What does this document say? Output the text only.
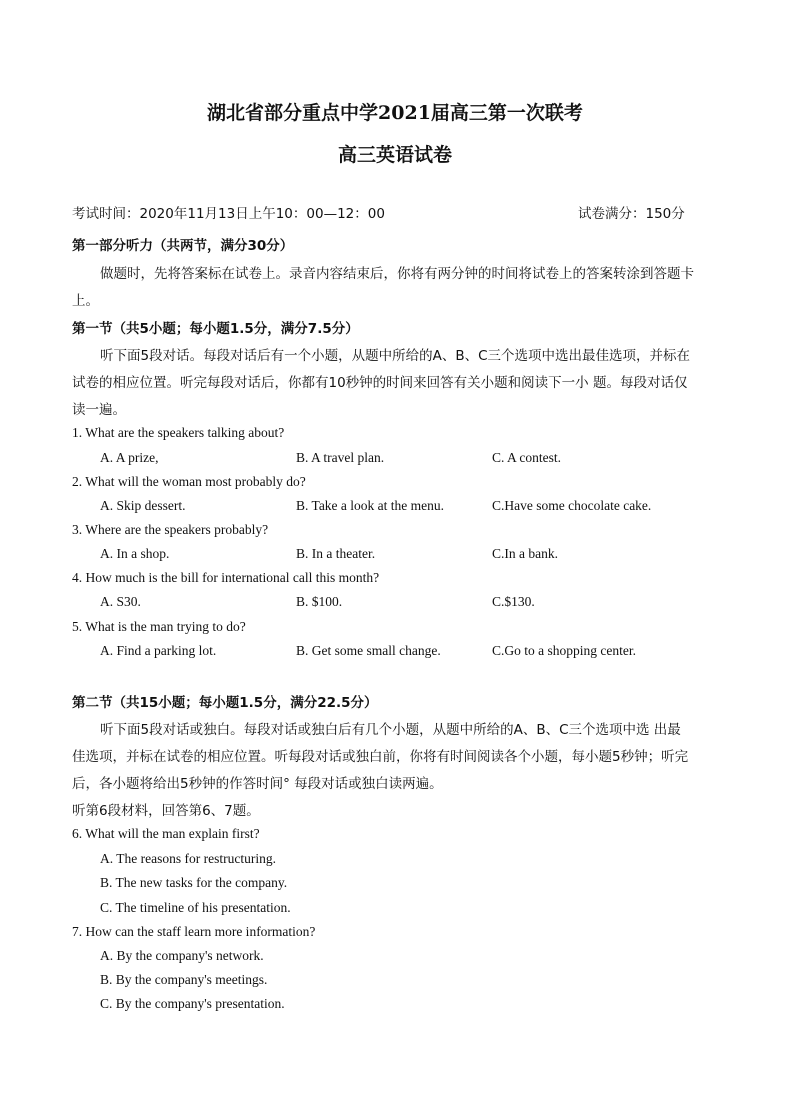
湖北省部分重点中学2021届高三第一次联考
高三英语试卷
考试时间：2020年11月13日上午10：00—12：00	试卷满分：150分
第一部分听力（共两节，满分30分）
做题时，先将答案标在试卷上。录音内容结束后，你将有两分钟的时间将试卷上的答案转涂到答题卡
上。
第一节（共5小题；每小题1.5分，满分7.5分）
听下面5段对话。每段对话后有一个小题，从题中所给的A、B、C三个选项中选出最佳选项，并标在
试卷的相应位置。听完每段对话后，你都有10秒钟的时间来回答有关小题和阅读下一小 题。每段对话仅
读一遍。
1. What are the speakers talking about?
A. A prize,	B. A travel plan.	C. A contest.
2. What will the woman most probably do?
A. Skip dessert.	B. Take a look at the menu.	C.Have some chocolate cake.
3. Where are the speakers probably?
A. In a shop.	B. In a theater.	C.In a bank.
4. How much is the bill for international call this month?
A. S30.	B. $100.	C.$130.
5. What is the man trying to do?
A. Find a parking lot.	B. Get some small change.	C.Go to a shopping center.
第二节（共15小题；每小题1.5分，满分22.5分）
听下面5段对话或独白。每段对话或独白后有几个小题，从题中所给的A、B、C三个选项中选 出最
佳选项，并标在试卷的相应位置。听每段对话或独白前，你将有时间阅读各个小题，每小题5秒钟；听完
后，各小题将给出5秒钟的作答时间° 每段对话或独白读两遍。
听第6段材料，回答第6、7题。
6. What will the man explain first?
A. The reasons for restructuring.
B. The new tasks for the company.
C. The timeline of his presentation.
7. How can the staff learn more information?
A. By the company's network.
B. By the company's meetings.
C. By the company's presentation.
